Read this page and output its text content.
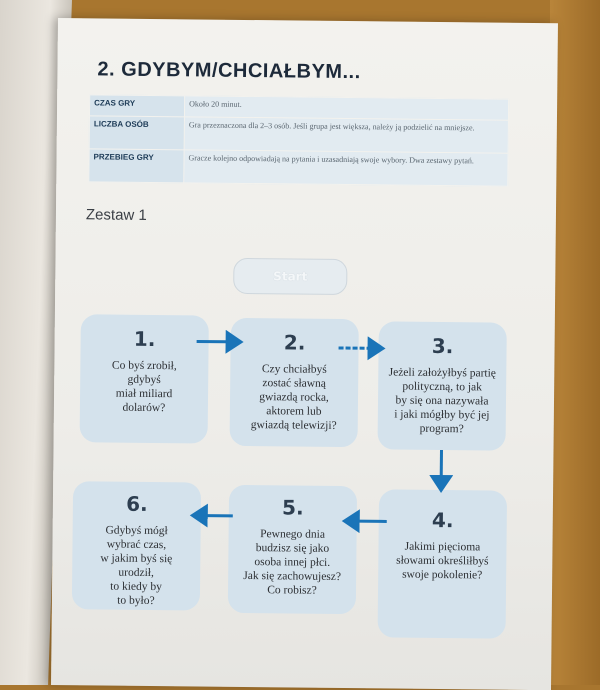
2. GDYBYM/CHCIAŁBYM...
CZAS GRY	Około 20 minut.
LICZBA OSÓB	Gra przeznaczona dla 2–3 osób. Jeśli grupa jest większa, należy ją podzielić na mniejsze.
PRZEBIEG GRY	Gracze kolejno odpowiadają na pytania i uzasadniają swoje wybory. Dwa zestawy pytań.
Zestaw 1
Start
1.
Co byś zrobił,
gdybyś
miał miliard
dolarów?
2.
Czy chciałbyś
zostać sławną
gwiazdą rocka,
aktorem lub
gwiazdą telewizji?
3.
Jeżeli założyłbyś partię
polityczną, to jak
by się ona nazywała
i jaki mógłby być jej
program?
4.
Jakimi pięcioma
słowami określiłbyś
swoje pokolenie?
5.
Pewnego dnia
budzisz się jako
osoba innej płci.
Jak się zachowujesz?
Co robisz?
6.
Gdybyś mógł
wybrać czas,
w jakim byś się urodził,
to kiedy by
to było?
